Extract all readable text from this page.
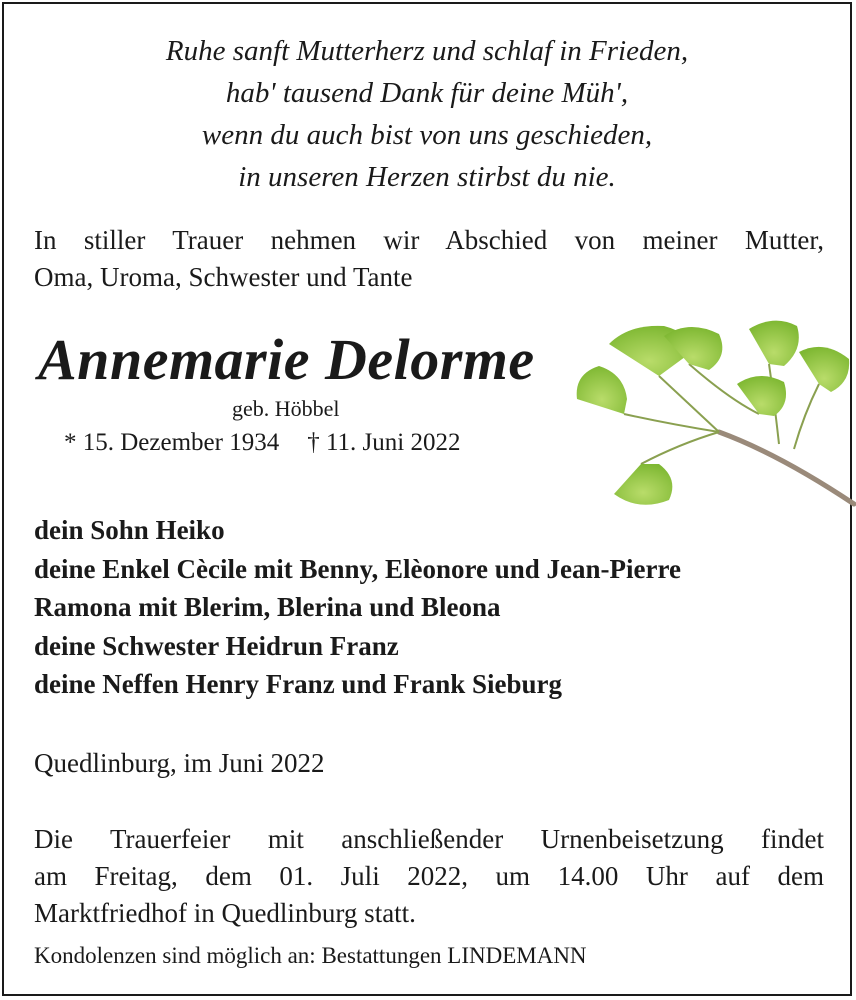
Ruhe sanft Mutterherz und schlaf in Frieden,
hab' tausend Dank für deine Müh',
wenn du auch bist von uns geschieden,
in unseren Herzen stirbst du nie.
In stiller Trauer nehmen wir Abschied von meiner Mutter,
Oma, Uroma, Schwester und Tante
Annemarie Delorme
geb. Höbbel
* 15. Dezember 1934 † 11. Juni 2022
dein Sohn Heiko
deine Enkel Cècile mit Benny, Elèonore und Jean-Pierre
Ramona mit Blerim, Blerina und Bleona
deine Schwester Heidrun Franz
deine Neffen Henry Franz und Frank Sieburg
Quedlinburg, im Juni 2022
Die Trauerfeier mit anschließender Urnenbeisetzung findet
am Freitag, dem 01. Juli 2022, um 14.00 Uhr auf dem
Marktfriedhof in Quedlinburg statt.
Kondolenzen sind möglich an: Bestattungen LINDEMANN
